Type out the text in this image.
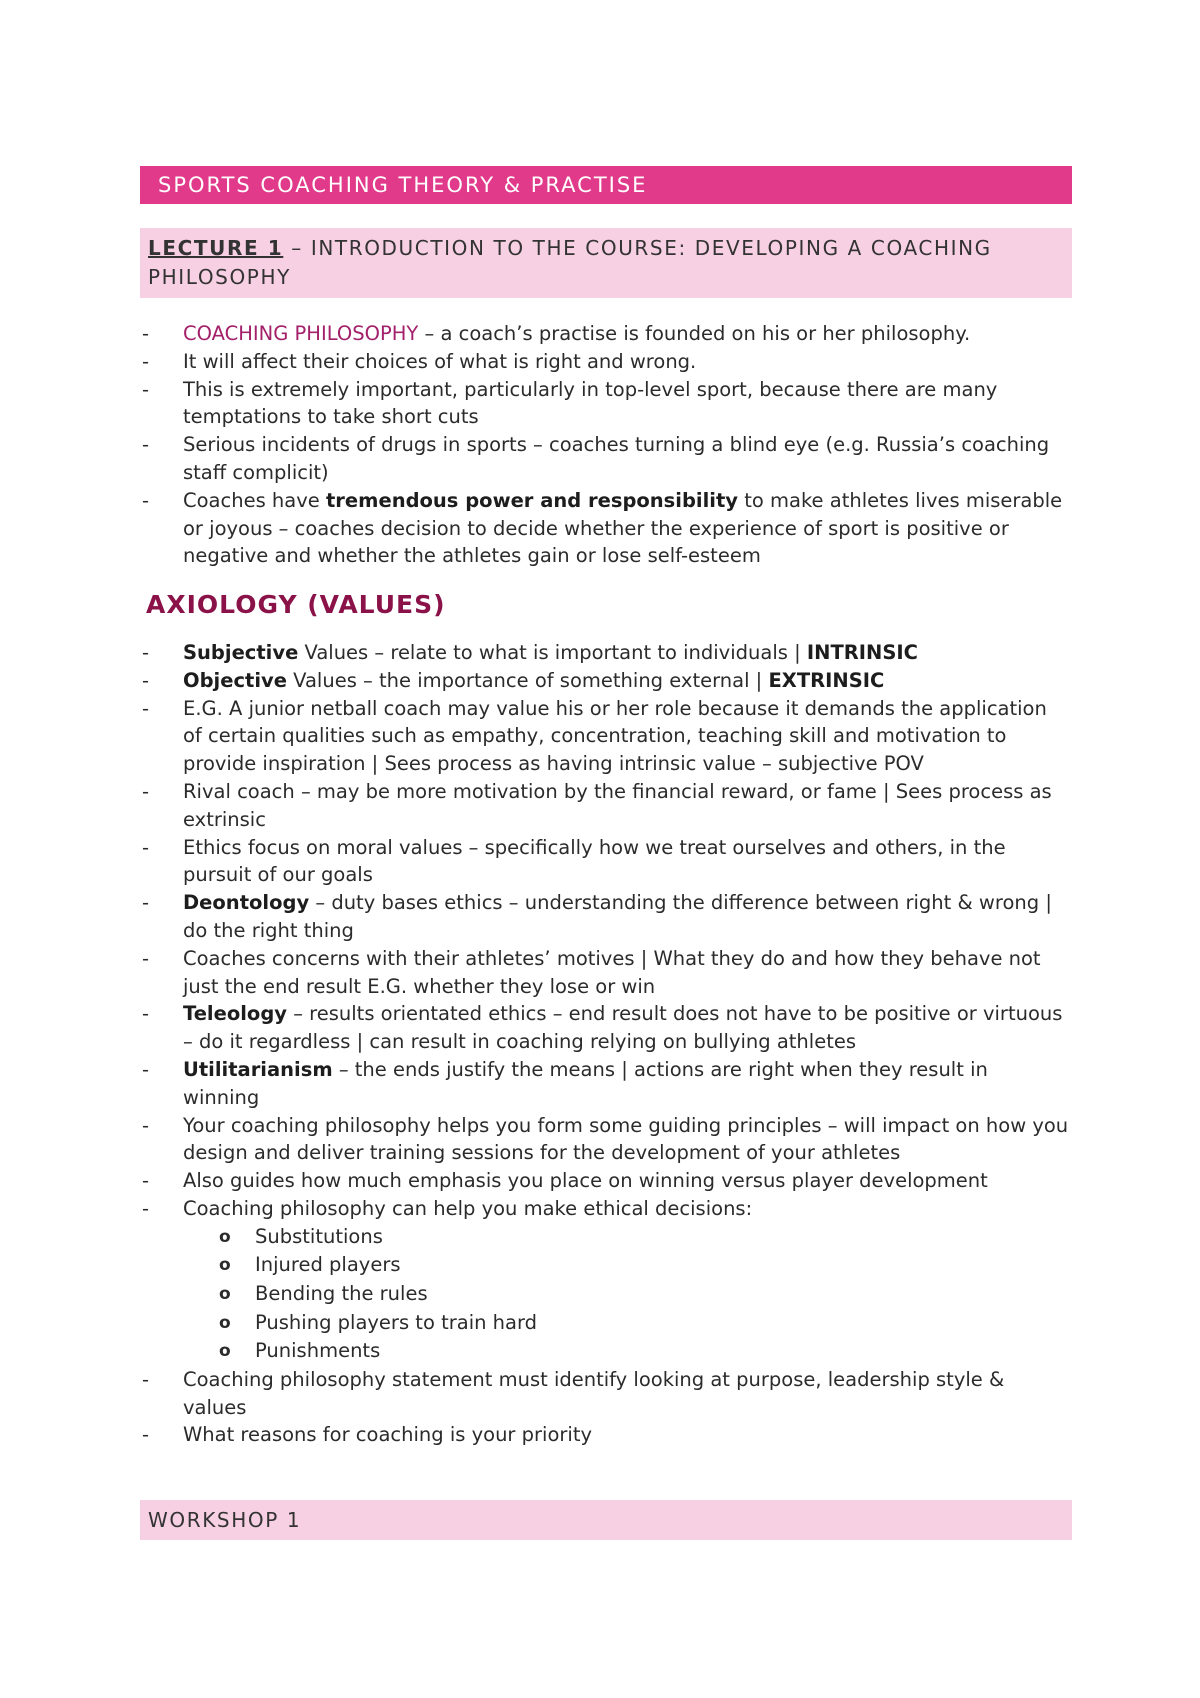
SPORTS COACHING THEORY & PRACTISE
LECTURE 1 – INTRODUCTION TO THE COURSE: DEVELOPING A COACHING PHILOSOPHY
- COACHING PHILOSOPHY – a coach’s practise is founded on his or her philosophy.
- It will affect their choices of what is right and wrong.
- This is extremely important, particularly in top-level sport, because there are many temptations to take short cuts
- Serious incidents of drugs in sports – coaches turning a blind eye (e.g. Russia’s coaching staff complicit)
- Coaches have tremendous power and responsibility to make athletes lives miserable or joyous – coaches decision to decide whether the experience of sport is positive or negative and whether the athletes gain or lose self-esteem
AXIOLOGY (VALUES)
- Subjective Values – relate to what is important to individuals | INTRINSIC
- Objective Values – the importance of something external | EXTRINSIC
- E.G. A junior netball coach may value his or her role because it demands the application of certain qualities such as empathy, concentration, teaching skill and motivation to provide inspiration | Sees process as having intrinsic value – subjective POV
- Rival coach – may be more motivation by the financial reward, or fame | Sees process as extrinsic
- Ethics focus on moral values – specifically how we treat ourselves and others, in the pursuit of our goals
- Deontology – duty bases ethics – understanding the difference between right & wrong | do the right thing
- Coaches concerns with their athletes’ motives | What they do and how they behave not just the end result E.G. whether they lose or win
- Teleology – results orientated ethics – end result does not have to be positive or virtuous – do it regardless | can result in coaching relying on bullying athletes
- Utilitarianism – the ends justify the means | actions are right when they result in winning
- Your coaching philosophy helps you form some guiding principles – will impact on how you design and deliver training sessions for the development of your athletes
- Also guides how much emphasis you place on winning versus player development
- Coaching philosophy can help you make ethical decisions:
o Substitutions
o Injured players
o Bending the rules
o Pushing players to train hard
o Punishments
- Coaching philosophy statement must identify looking at purpose, leadership style & values
- What reasons for coaching is your priority
WORKSHOP 1
